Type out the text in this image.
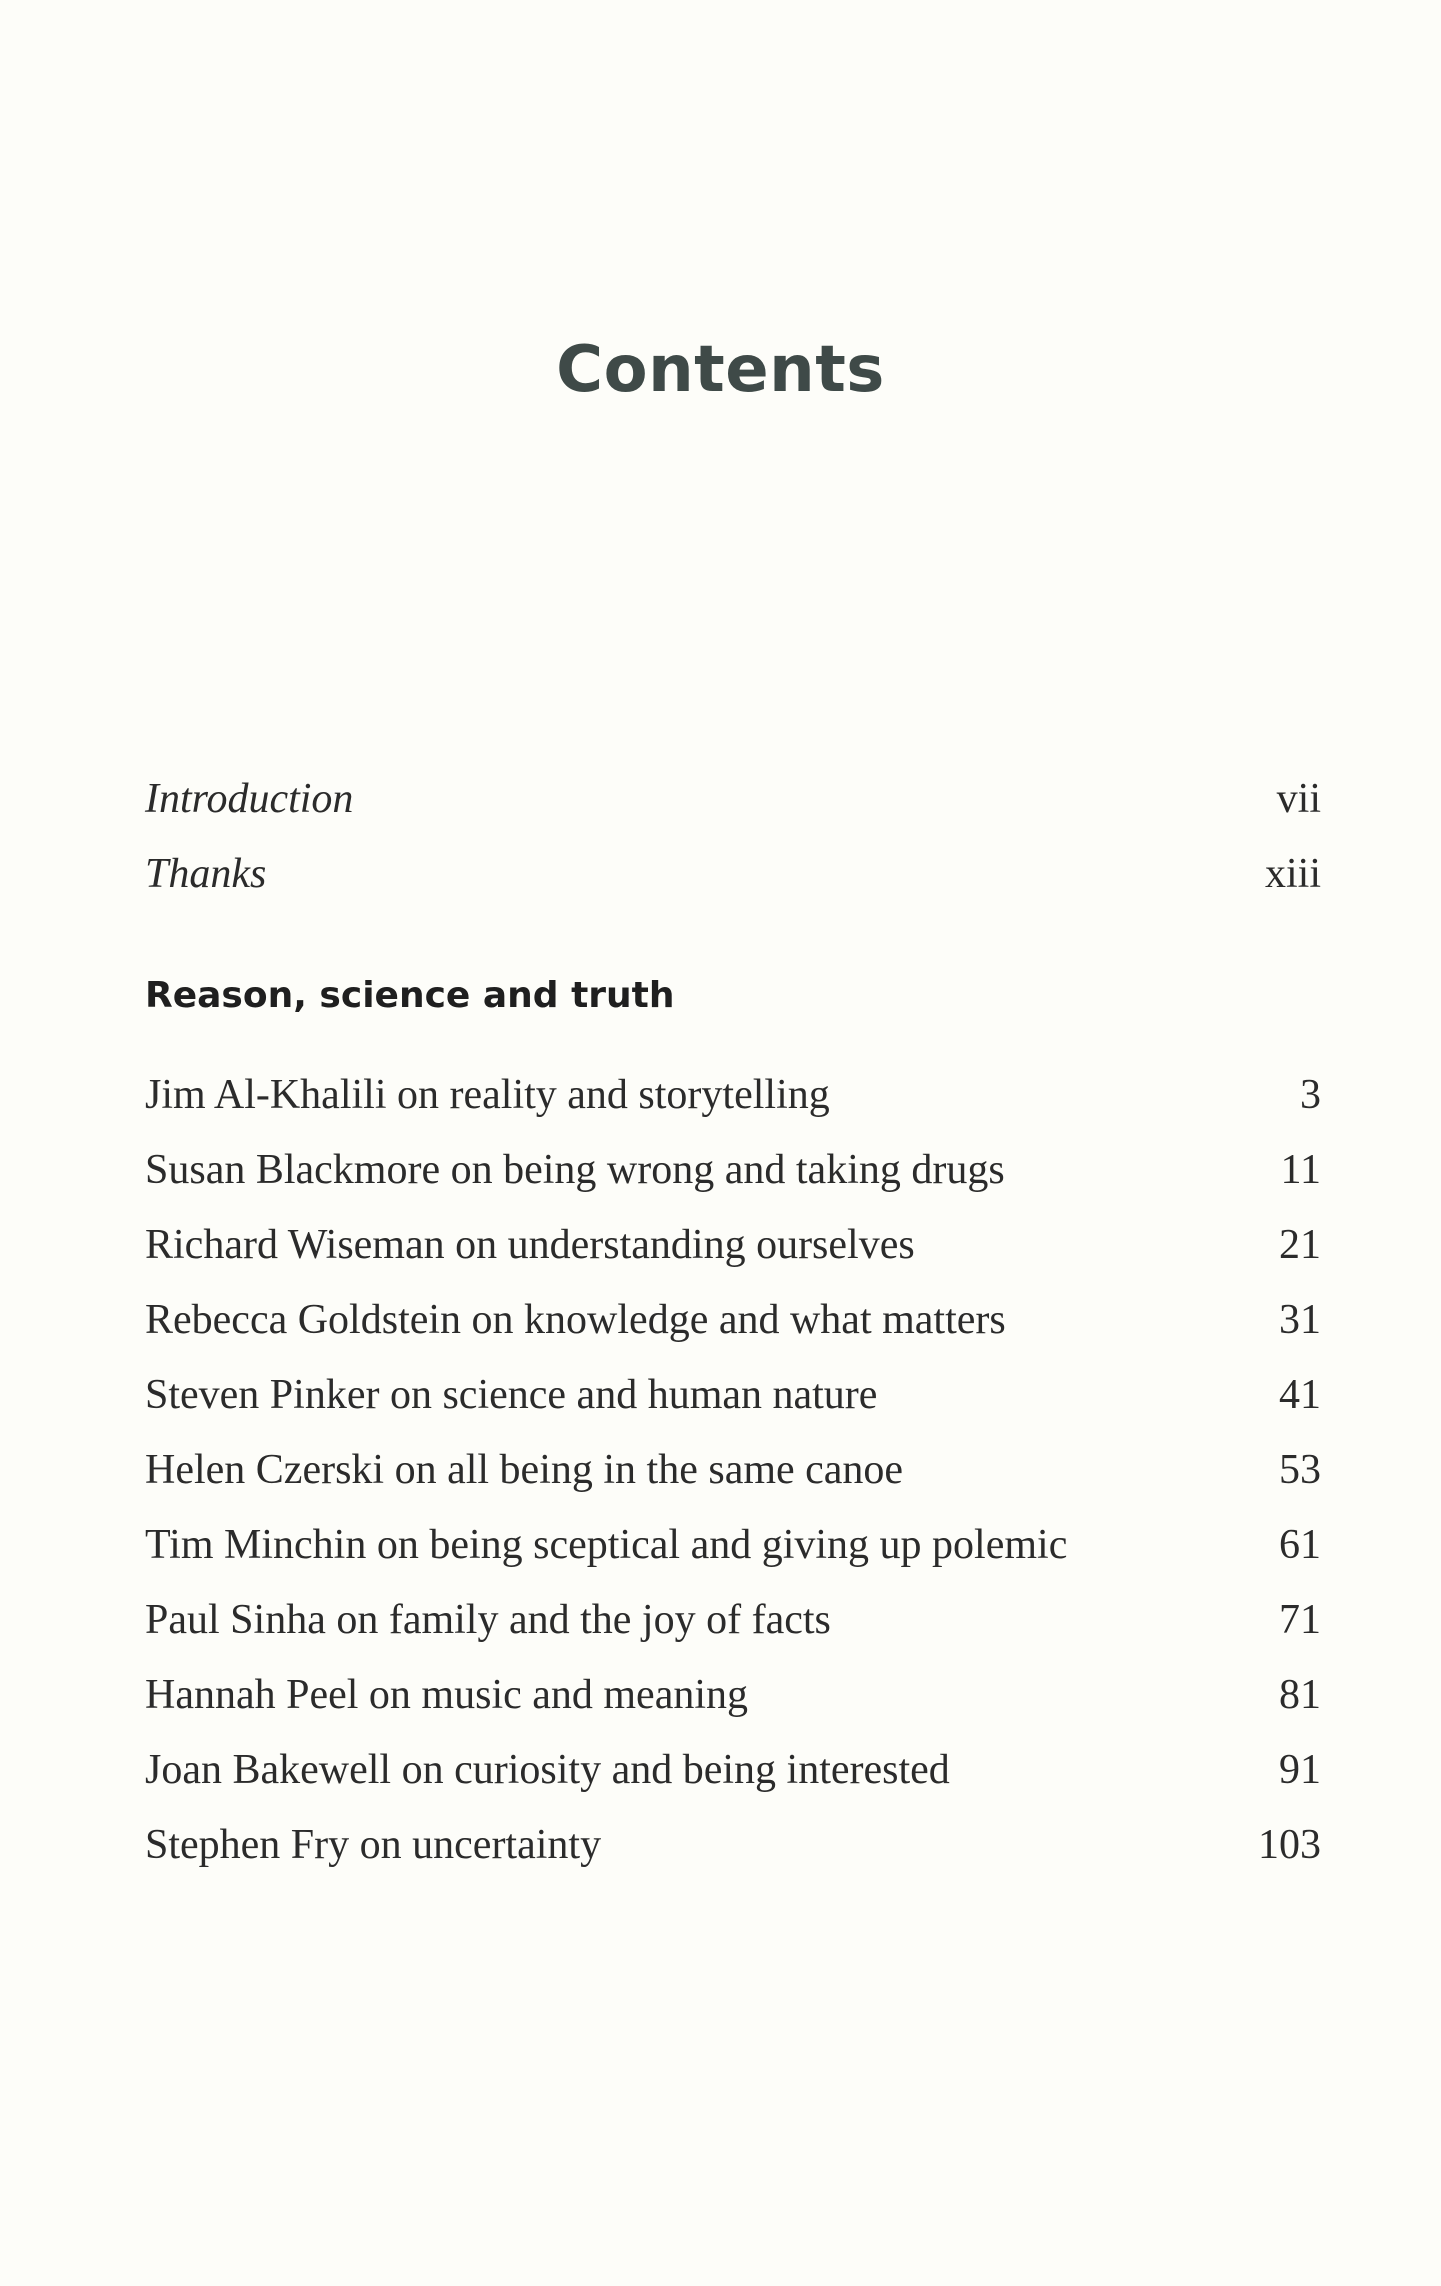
Contents
Introduction	vii
Thanks	xiii
Reason, science and truth
Jim Al-Khalili on reality and storytelling	3
Susan Blackmore on being wrong and taking drugs	11
Richard Wiseman on understanding ourselves	21
Rebecca Goldstein on knowledge and what matters	31
Steven Pinker on science and human nature	41
Helen Czerski on all being in the same canoe	53
Tim Minchin on being sceptical and giving up polemic	61
Paul Sinha on family and the joy of facts	71
Hannah Peel on music and meaning	81
Joan Bakewell on curiosity and being interested	91
Stephen Fry on uncertainty	103
